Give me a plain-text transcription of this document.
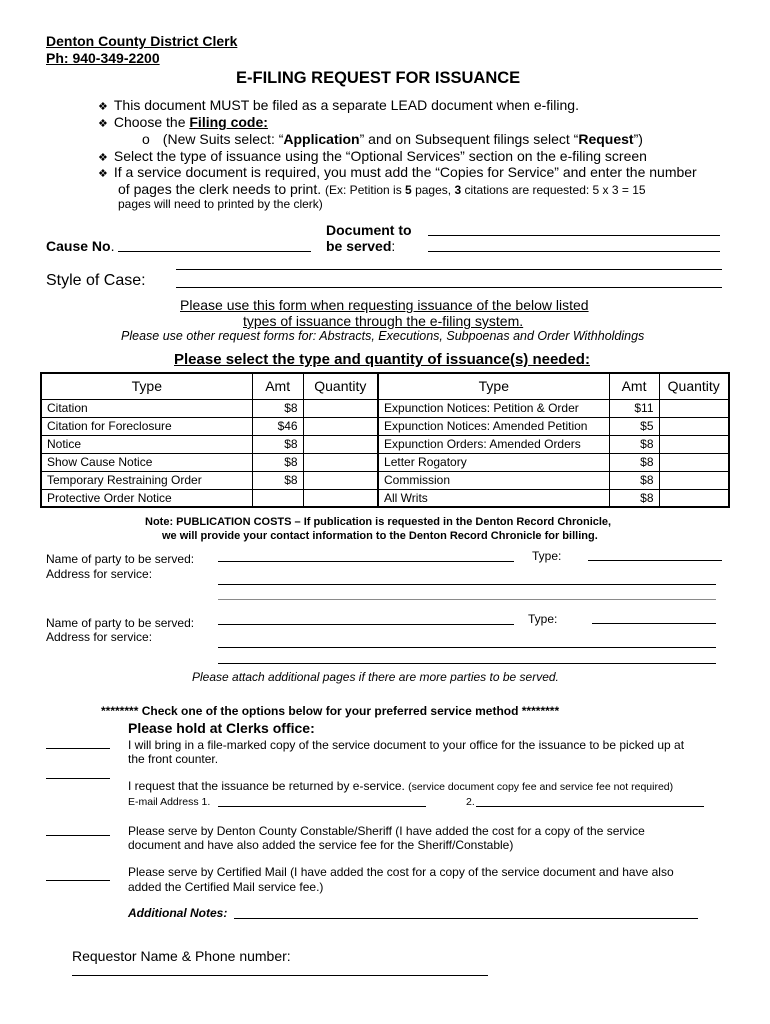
Denton County District Clerk
Ph: 940-349-2200
E-FILING REQUEST FOR ISSUANCE
❖ This document MUST be filed as a separate LEAD document when e-filing.
❖ Choose the Filing code:
o (New Suits select: “Application” and on Subsequent filings select “Request”)
❖ Select the type of issuance using the “Optional Services” section on the e-filing screen
❖ If a service document is required, you must add the “Copies for Service” and enter the number
of pages the clerk needs to print. (Ex: Petition is 5 pages, 3 citations are requested: 5 x 3 = 15
pages will need to printed by the clerk)
Cause No.
Document to
be served:
Style of Case:
Please use this form when requesting issuance of the below listed
types of issuance through the e-filing system.
Please use other request forms for: Abstracts, Executions, Subpoenas and Order Withholdings
Please select the type and quantity of issuance(s) needed:
Type	Amt	Quantity	Type	Amt	Quantity
Citation	$8		Expunction Notices: Petition & Order	$11	
Citation for Foreclosure	$46		Expunction Notices: Amended Petition	$5	
Notice	$8		Expunction Orders: Amended Orders	$8	
Show Cause Notice	$8		Letter Rogatory	$8	
Temporary Restraining Order	$8		Commission	$8	
Protective Order Notice			All Writs	$8	
Note: PUBLICATION COSTS – If publication is requested in the Denton Record Chronicle,
we will provide your contact information to the Denton Record Chronicle for billing.
Name of party to be served:	Type:
Address for service:
Name of party to be served:	Type:
Address for service:
Please attach additional pages if there are more parties to be served.
******** Check one of the options below for your preferred service method ********
Please hold at Clerks office:
I will bring in a file-marked copy of the service document to your office for the issuance to be picked up at
the front counter.
I request that the issuance be returned by e-service. (service document copy fee and service fee not required)
E-mail Address 1.	2.
Please serve by Denton County Constable/Sheriff (I have added the cost for a copy of the service
document and have also added the service fee for the Sheriff/Constable)
Please serve by Certified Mail (I have added the cost for a copy of the service document and have also
added the Certified Mail service fee.)
Additional Notes:
Requestor Name & Phone number:
